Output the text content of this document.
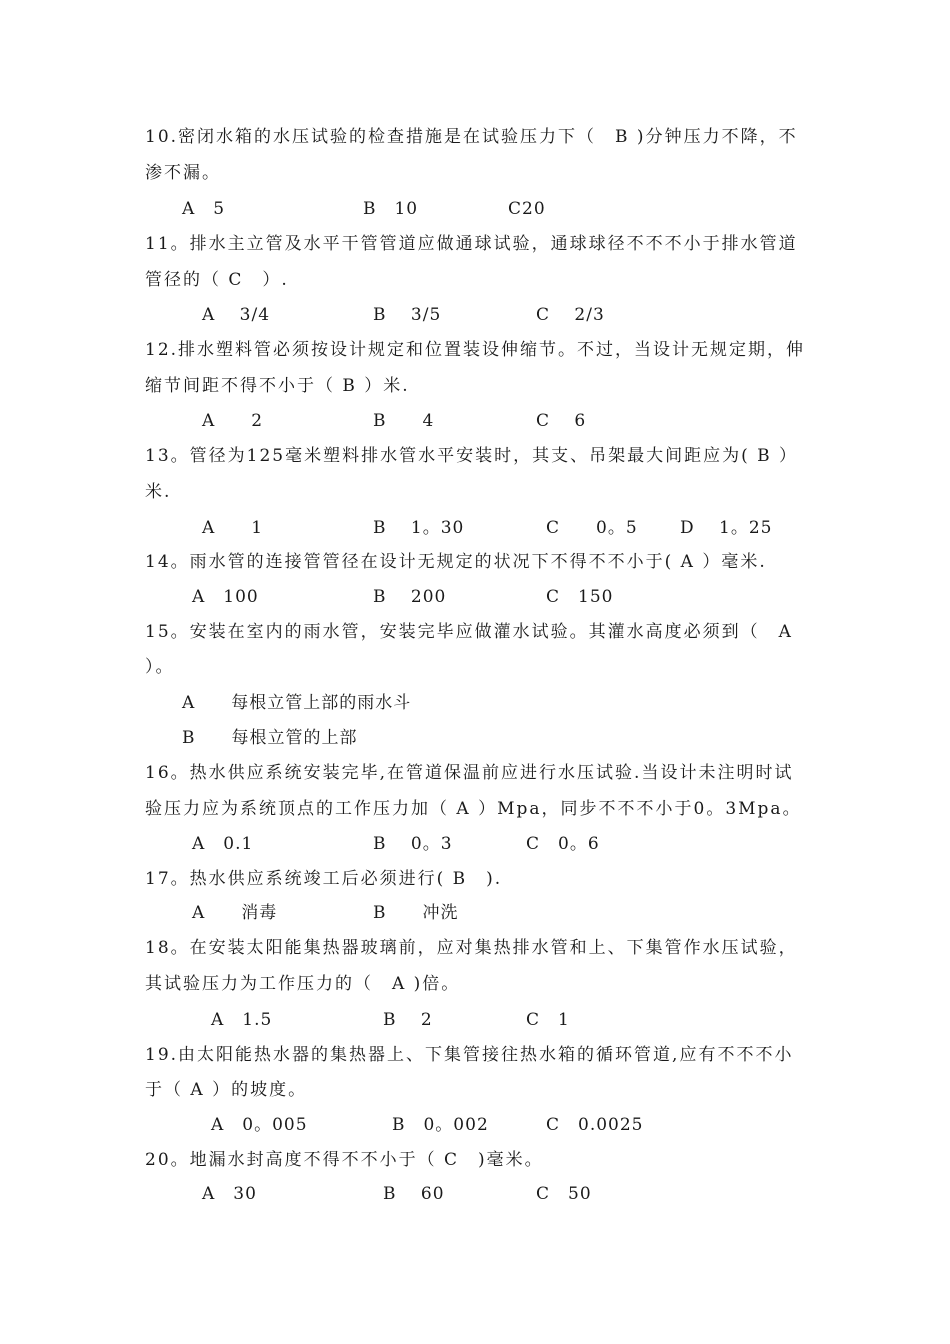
10.密闭水箱的水压试验的检查措施是在试验压力下（　B )分钟压力不降，不
渗不漏。
A　5	B　10	C20
11。排水主立管及水平干管管道应做通球试验，通球球径不不不小于排水管道
管径的（ C　）.
A　 3/4	B　 3/5	C　 2/3
12.排水塑料管必须按设计规定和位置装设伸缩节。不过，当设计无规定期，伸
缩节间距不得不小于（ B ）米.
A　　2	B　　4	C　 6
13。管径为125毫米塑料排水管水平安装时，其支、吊架最大间距应为( B ）
米.
A　　1	B　 1。30	C　　0。5 D　 1。25
14。雨水管的连接管管径在设计无规定的状况下不得不不小于( A ）毫米.
A　100	B　 200	C　150
15。安装在室内的雨水管，安装完毕应做灌水试验。其灌水高度必须到（　A
）。
A　　每根立管上部的雨水斗
B　　每根立管的上部
16。热水供应系统安装完毕,在管道保温前应进行水压试验.当设计未注明时试
验压力应为系统顶点的工作压力加（ A ）Mpa，同步不不不小于0。3Mpa。
A　0.1	B　 0。3	C　0。6
17。热水供应系统竣工后必须进行( B　).
A　　消毒	B　　冲洗
18。在安装太阳能集热器玻璃前，应对集热排水管和上、下集管作水压试验，
其试验压力为工作压力的（　A )倍。
A　1.5	B　 2	C　1
19.由太阳能热水器的集热器上、下集管接往热水箱的循环管道,应有不不不小
于（ A ）的坡度。
A　0。005	B　0。002	C　0.0025
20。地漏水封高度不得不不小于（ C　)毫米。
A　30	B　 60	C　50
